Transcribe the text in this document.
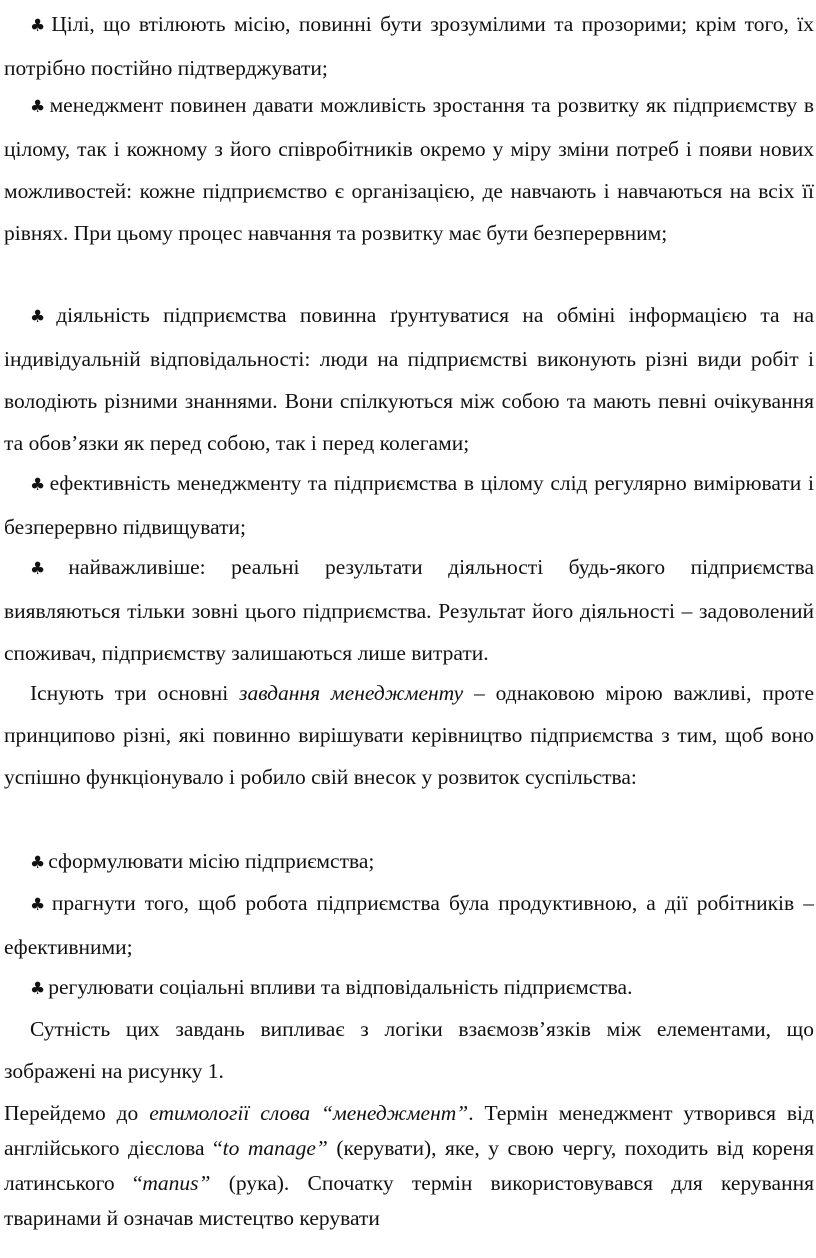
♣ Цілі, що втілюють місію, повинні бути зрозумілими та прозорими; крім того, їх потрібно постійно підтверджувати;

♣ менеджмент повинен давати можливість зростання та розвитку як підприємству в цілому, так і кожному з його співробітників окремо у міру зміни потреб і появи нових можливостей: кожне підприємство є організацією, де навчають і навчаються на всіх її рівнях. При цьому процес навчання та розвитку має бути безперервним;

♣ діяльність підприємства повинна ґрунтуватися на обміні інформацією та на індивідуальній відповідальності: люди на підприємстві виконують різні види робіт і володіють різними знаннями. Вони спілкуються між собою та мають певні очікування та обов’язки як перед собою, так і перед колегами;

♣ ефективність менеджменту та підприємства в цілому слід регулярно вимірювати і безперервно підвищувати;

♣ найважливіше: реальні результати діяльності будь-якого підприємства виявляються тільки зовні цього підприємства. Результат його діяльності – задоволений споживач, підприємству залишаються лише витрати.

Існують три основні завдання менеджменту – однаковою мірою важливі, проте принципово різні, які повинно вирішувати керівництво підприємства з тим, щоб воно успішно функціонувало і робило свій внесок у розвиток суспільства:

♣ сформулювати місію підприємства;

♣ прагнути того, щоб робота підприємства була продуктивною, а дії робітників – ефективними;

♣ регулювати соціальні впливи та відповідальність підприємства.

Сутність цих завдань випливає з логіки взаємозв’язків між елементами, що зображені на рисунку 1.

Перейдемо до етимології слова “менеджмент”. Термін менеджмент утворився від англійського дієслова “to manage” (керувати), яке, у свою чергу, походить від кореня латинського “manus” (рука). Спочатку термін використовувався для керування тваринами й означав мистецтво керувати
